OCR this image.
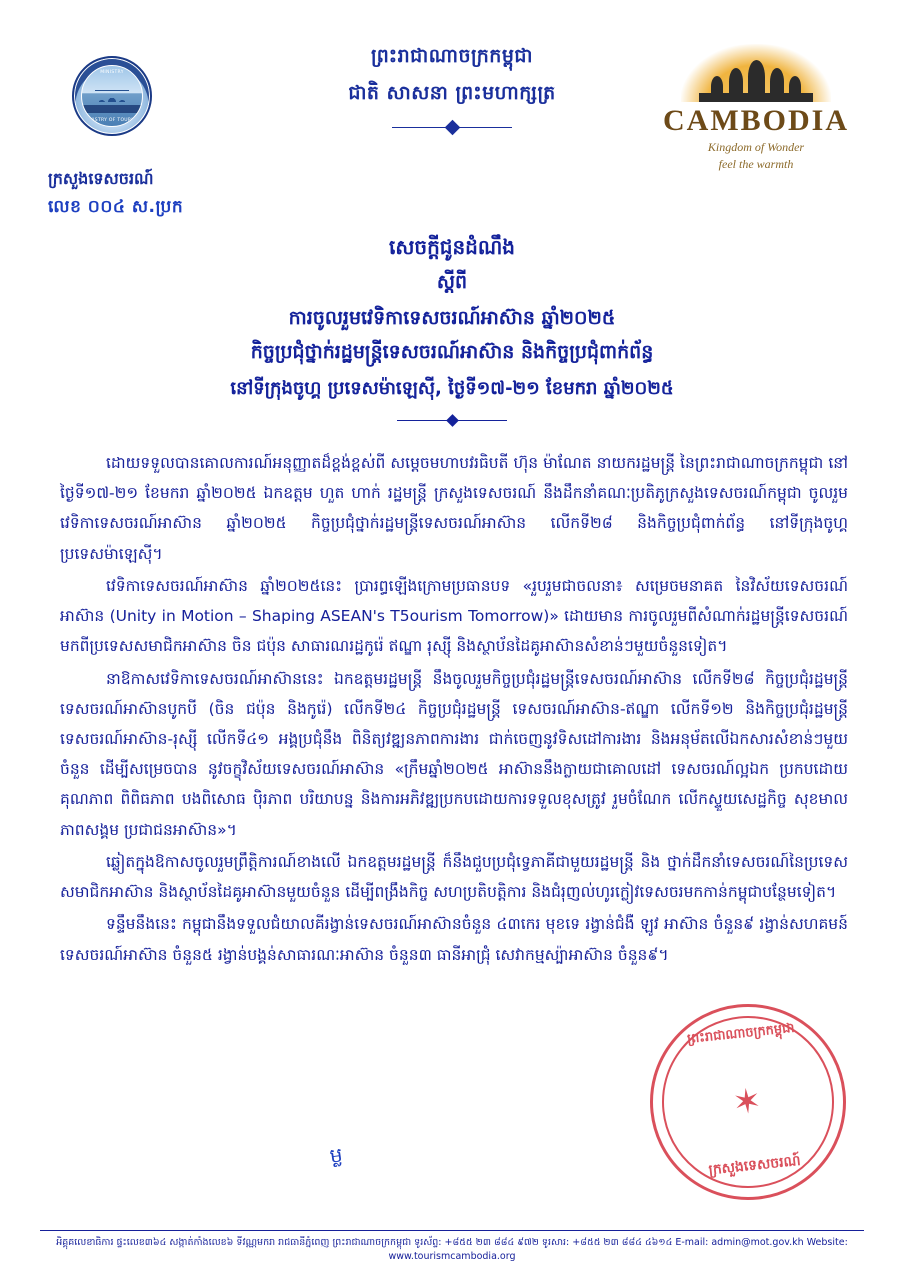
MINISTRY
MINISTRY OF TOURISM
ព្រះរាជាណាចក្រកម្ពុជា
ជាតិ សាសនា ព្រះមហាក្សត្រ
CAMBODIA
Kingdom of Wonder
feel the warmth
ក្រសួងទេសចរណ៍
លេខ ០០៤ ស.ប្រក
សេចក្តីជូនដំណឹង
ស្តីពី
ការចូលរួមវេទិកាទេសចរណ៍អាស៊ាន ឆ្នាំ២០២៥
កិច្ចប្រជុំថ្នាក់រដ្ឋមន្ត្រីទេសចរណ៍អាស៊ាន និងកិច្ចប្រជុំពាក់ព័ន្ធ
នៅទីក្រុងចូហ្គ ប្រទេសម៉ាឡេស៊ី, ថ្ងៃទី១៧-២១ ខែមករា ឆ្នាំ២០២៥

ដោយទទួលបានគោលការណ៍អនុញ្ញាតដ៏ខ្ពង់ខ្ពស់ពី សម្តេចមហាបវរធិបតី ហ៊ុន ម៉ាណែត នាយករដ្ឋមន្ត្រី នៃព្រះរាជាណាចក្រកម្ពុជា នៅថ្ងៃទី១៧-២១ ខែមករា ឆ្នាំ២០២៥ ឯកឧត្តម ហួត ហាក់ រដ្ឋមន្ត្រី ក្រសួងទេសចរណ៍ នឹងដឹកនាំគណៈប្រតិភូក្រសួងទេសចរណ៍កម្ពុជា ចូលរួមវេទិកាទេសចរណ៍អាស៊ាន ឆ្នាំ២០២៥ កិច្ចប្រជុំថ្នាក់រដ្ឋមន្ត្រីទេសចរណ៍អាស៊ាន លើកទី២៨ និងកិច្ចប្រជុំពាក់ព័ន្ធ នៅទីក្រុងចូហ្គ ប្រទេសម៉ាឡេស៊ី។

វេទិកាទេសចរណ៍អាស៊ាន ឆ្នាំ២០២៥នេះ ប្រារព្ធឡើងក្រោមប្រធានបទ «រួបរួមជាចលនា៖ សម្រេចមនាគត នៃវិស័យទេសចរណ៍អាស៊ាន (Unity in Motion – Shaping ASEAN's T5ourism Tomorrow)» ដោយមាន ការចូលរួមពីសំណាក់រដ្ឋមន្ត្រីទេសចរណ៍មកពីប្រទេសសមាជិកអាស៊ាន ចិន ជប៉ុន សាធារណរដ្ឋកូរ៉េ ឥណ្ឌា រុស្ស៊ី និងស្ថាប័នដៃគូអាស៊ានសំខាន់ៗមួយចំនួនទៀត។

នាឱកាសវេទិកាទេសចរណ៍អាស៊ាននេះ ឯកឧត្តមរដ្ឋមន្ត្រី នឹងចូលរួមកិច្ចប្រជុំរដ្ឋមន្ត្រីទេសចរណ៍អាស៊ាន លើកទី២៨ កិច្ចប្រជុំរដ្ឋមន្ត្រីទេសចរណ៍អាស៊ានបូកបី (ចិន ជប៉ុន និងកូរ៉េ) លើកទី២៤ កិច្ចប្រជុំរដ្ឋមន្ត្រី ទេសចរណ៍អាស៊ាន-ឥណ្ឌា លើកទី១២ និងកិច្ចប្រជុំរដ្ឋមន្ត្រីទេសចរណ៍អាស៊ាន-រុស្ស៊ី លើកទី៤១ អង្គប្រជុំនឹង ពិនិត្យវឌ្ឍនភាពការងារ ជាក់ចេញនូវទិសដៅការងារ និងអនុម័តលើឯកសារសំខាន់ៗមួយចំនួន ដើម្បីសម្រេចបាន នូវចក្ខុវិស័យទេសចរណ៍អាស៊ាន «ក្រឹមឆ្នាំ២០២៥ អាស៊ាននឹងក្លាយជាគោលដៅ ទេសចរណ៍ល្អឯក ប្រកបដោយ គុណភាព ពិពិធភាព បងពិសោធ ប៉ិរភាព បរិយាបន្ន និងការអភិវឌ្ឍប្រកបដោយការទទួលខុសត្រូវ រួមចំណែក លើកស្ទួយសេដ្ឋកិច្ច សុខមាលភាពសង្គម ប្រជាជនអាស៊ាន»។

ឆ្លៀតក្នុងឱកាសចូលរួមព្រឹត្តិការណ៍ខាងលើ ឯកឧត្តមរដ្ឋមន្ត្រី ក៏នឹងជួបប្រជុំទ្វេភាគីជាមួយរដ្ឋមន្ត្រី និង ថ្នាក់ដឹកនាំទេសចរណ៍នៃប្រទេសសមាជិកអាស៊ាន និងស្ថាប័នដៃគូអាស៊ានមួយចំនួន ដើម្បីពង្រឹងកិច្ច សហប្រតិបត្តិការ និងជំរុញល់ហូរក្លៀវទេសចរមកកាន់កម្ពុជាបន្ថែមទៀត។

ទន្ទឹមនឹងនេះ កម្ពុជានឹងទទួលជំយាលគីរង្វាន់ទេសចរណ៍អាស៊ានចំនួន ៤៣កេរ មុខទេ រង្វាន់ជំងឺ ឡូវ អាស៊ាន ចំនួន៩ រង្វាន់សហគមន៍ទេសចរណ៍អាស៊ាន ចំនួន៥ រង្វាន់បង្គន់សាធារណៈអាស៊ាន ចំនួន៣ ធានីអាជ្រុំ សេវាកម្មស្ប៉ាអាស៊ាន ចំនួន៩។

ម្ល
ព្រះរាជាណាចក្រកម្ពុជា
✶
ក្រសួងទេសចរណ៍
អិគ្គុគលេខាធិការ ផ្ទះលេខ៣៦៤ សង្កាត់កាំងលេខ៦ ទីវណ្ណមករា រាជធានីភ្នំពេញ ព្រះរាជាណាចក្រកម្ពុជា ទូរស័ព្ទ: +៨៥៥ ២៣ ៨៨៤ ៩៧២ ទូរសារ: +៨៥៥ ២៣ ៨៨៤ ៤៦១៤ E-mail: admin@mot.gov.kh Website: www.tourismcambodia.org
